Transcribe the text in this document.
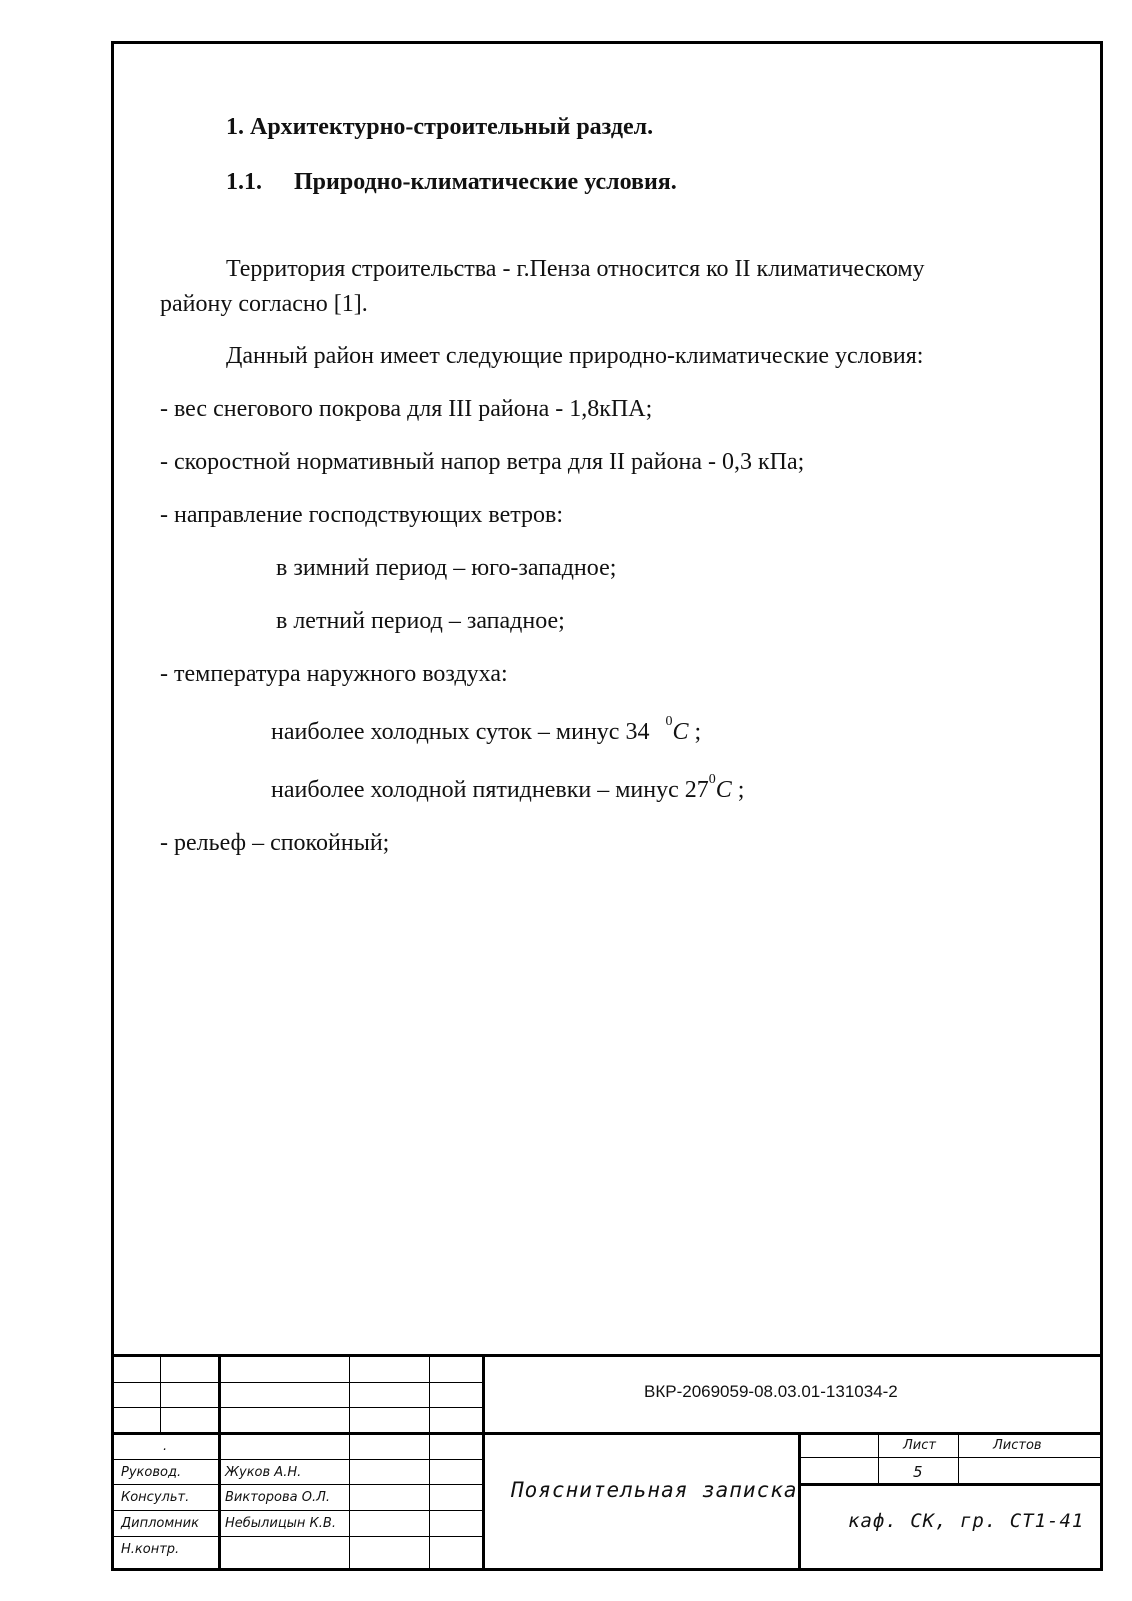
1. Архитектурно-строительный раздел.
1.1. Природно-климатические условия.
Территория строительства - г.Пенза относится ко II климатическому
району согласно [1].
Данный район имеет следующие природно-климатические условия:
- вес снегового покрова для III района - 1,8кПА;
- скоростной нормативный напор ветра для II района - 0,3 кПа;
- направление господствующих ветров:
в зимний период – юго-западное;
в летний период – западное;
- температура наружного воздуха:
наиболее холодных суток – минус 34 $^0$C ;
наиболее холодной пятидневки – минус $27^0C$ ;
- рельеф – спокойный;
ВКР-2069059-08.03.01-131034-2
.
Руковод.
Консульт.
Дипломник
Н.контр.
Жуков А.Н.
Викторова О.Л.
Небылицын К.В.
Пояснительная записка
Лист	Листов
5
каф. СК, гр. СТ1-41
